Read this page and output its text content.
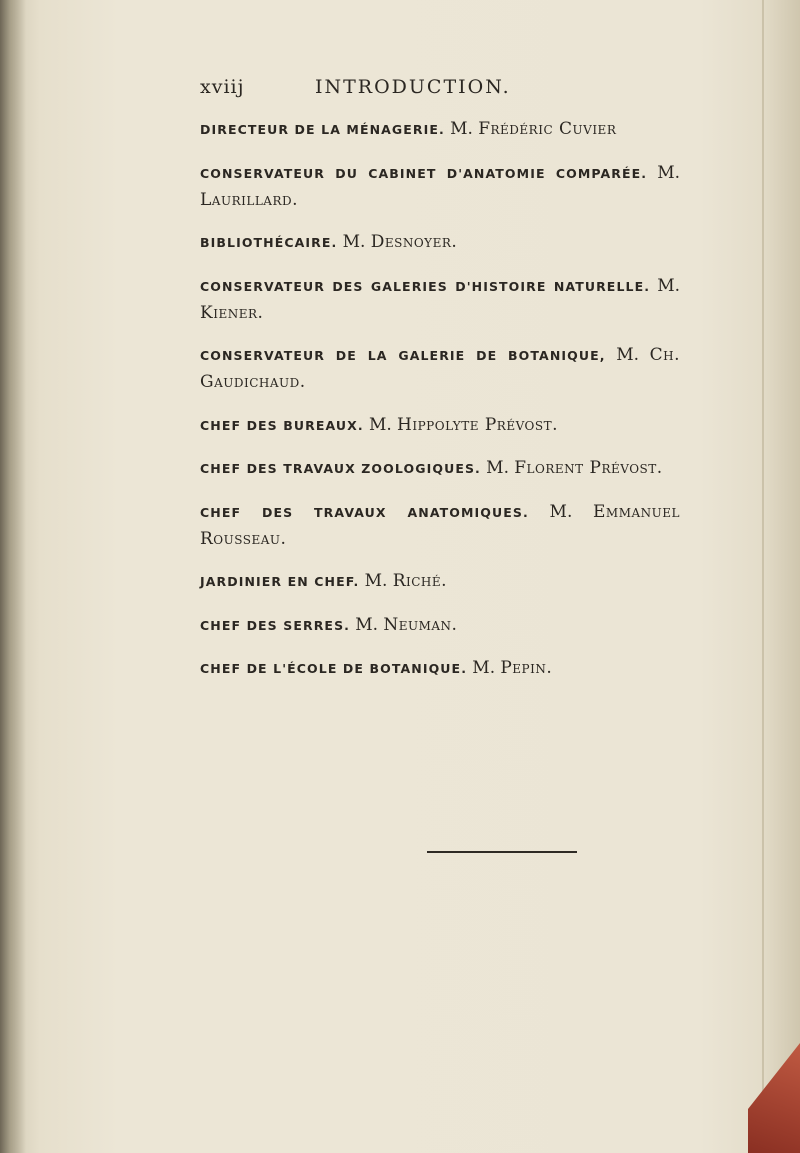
xviij	INTRODUCTION.

DIRECTEUR DE LA MÉNAGERIE. M. Frédéric Cuvier

CONSERVATEUR DU CABINET D'ANATOMIE COMPARÉE. M. Laurillard.

BIBLIOTHÉCAIRE. M. Desnoyer.

CONSERVATEUR DES GALERIES D'HISTOIRE NATURELLE. M. Kiener.

CONSERVATEUR DE LA GALERIE DE BOTANIQUE, M. Ch. Gaudichaud.

CHEF DES BUREAUX. M. Hippolyte Prévost.

CHEF DES TRAVAUX ZOOLOGIQUES. M. Florent Prévost.

CHEF DES TRAVAUX ANATOMIQUES. M. Emmanuel Rousseau.

JARDINIER EN CHEF. M. Riché.

CHEF DES SERRES. M. Neuman.

CHEF DE L'ÉCOLE DE BOTANIQUE. M. Pepin.
